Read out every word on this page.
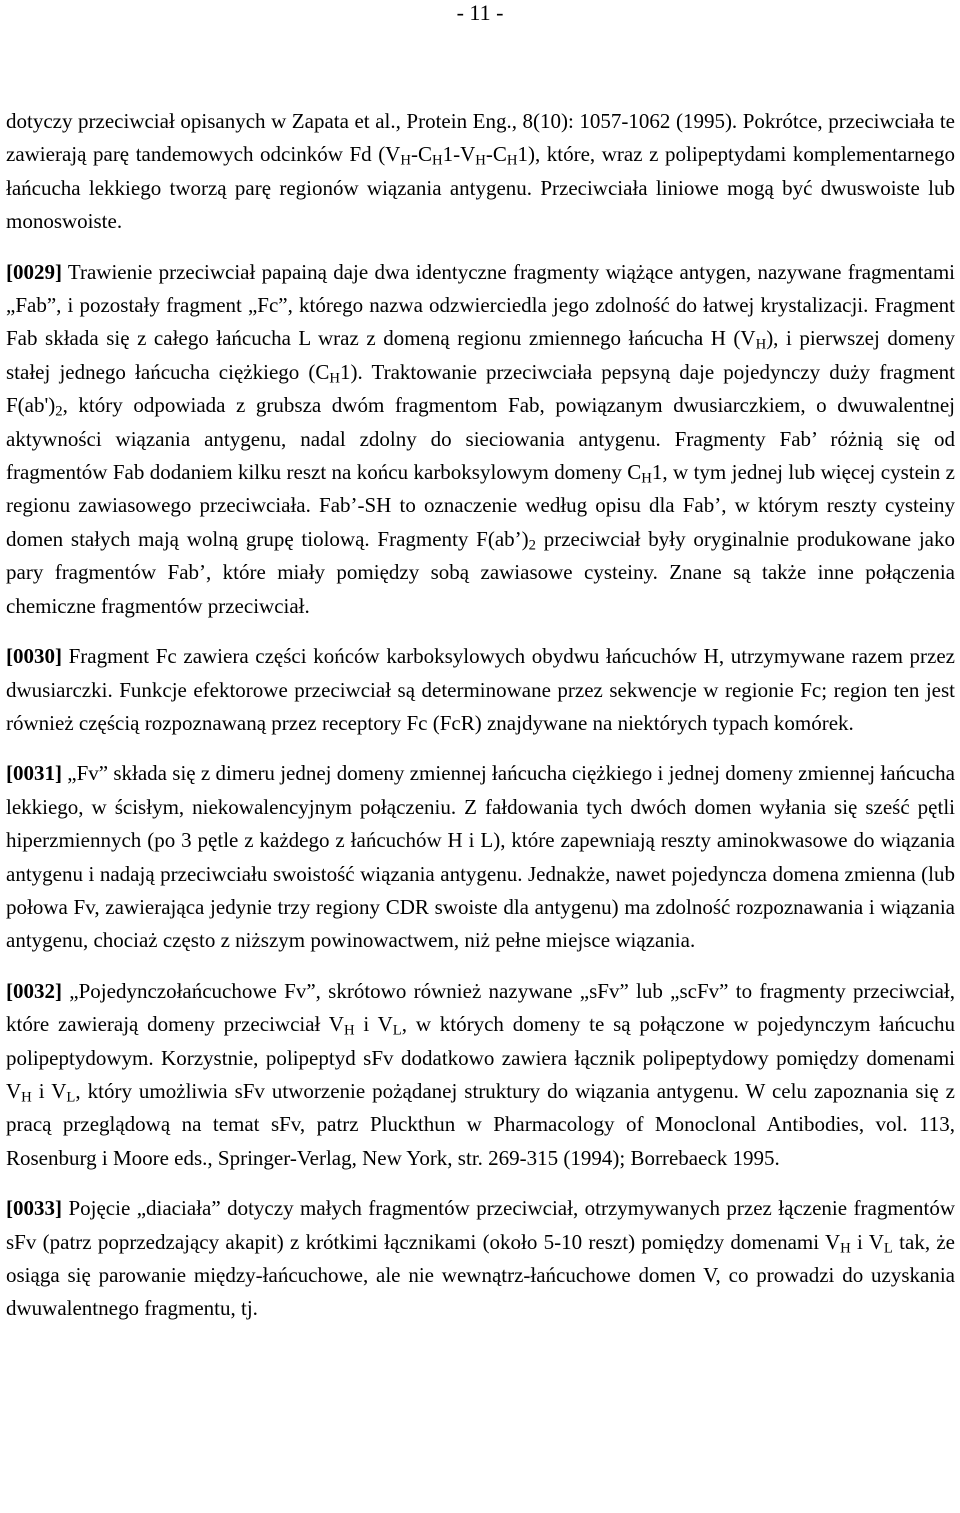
- 11 -

dotyczy przeciwciał opisanych w Zapata et al., Protein Eng., 8(10): 1057-1062 (1995). Pokrótce, przeciwciała te zawierają parę tandemowych odcinków Fd $(V_H-C_H1-V_H-C_H1)$, które, wraz z polipeptydami komplementarnego łańcucha lekkiego tworzą parę regionów wiązania antygenu. Przeciwciała liniowe mogą być dwuswoiste lub monoswoiste.

[0029] Trawienie przeciwciał papainą daje dwa identyczne fragmenty wiążące antygen, nazywane fragmentami „Fab”, i pozostały fragment „Fc”, którego nazwa odzwierciedla jego zdolność do łatwej krystalizacji. Fragment Fab składa się z całego łańcucha L wraz z domeną regionu zmiennego łańcucha H $(V_H)$, i pierwszej domeny stałej jednego łańcucha ciężkiego $(C_H1)$. Traktowanie przeciwciała pepsyną daje pojedynczy duży fragment $F(ab')_2$, który odpowiada z grubsza dwóm fragmentom Fab, powiązanym dwusiarczkiem, o dwuwalentnej aktywności wiązania antygenu, nadal zdolny do sieciowania antygenu. Fragmenty Fab’ różnią się od fragmentów Fab dodaniem kilku reszt na końcu karboksylowym domeny $C_H1$, w tym jednej lub więcej cystein z regionu zawiasowego przeciwciała. Fab’-SH to oznaczenie według opisu dla Fab’, w którym reszty cysteiny domen stałych mają wolną grupę tiolową. Fragmenty $F(ab’)_2$ przeciwciał były oryginalnie produkowane jako pary fragmentów Fab’, które miały pomiędzy sobą zawiasowe cysteiny. Znane są także inne połączenia chemiczne fragmentów przeciwciał.

[0030] Fragment Fc zawiera części końców karboksylowych obydwu łańcuchów H, utrzymywane razem przez dwusiarczki. Funkcje efektorowe przeciwciał są determinowane przez sekwencje w regionie Fc; region ten jest również częścią rozpoznawaną przez receptory Fc (FcR) znajdywane na niektórych typach komórek.

[0031] „Fv” składa się z dimeru jednej domeny zmiennej łańcucha ciężkiego i jednej domeny zmiennej łańcucha lekkiego, w ścisłym, niekowalencyjnym połączeniu. Z fałdowania tych dwóch domen wyłania się sześć pętli hiperzmiennych (po 3 pętle z każdego z łańcuchów H i L), które zapewniają reszty aminokwasowe do wiązania antygenu i nadają przeciwciału swoistość wiązania antygenu. Jednakże, nawet pojedyncza domena zmienna (lub połowa Fv, zawierająca jedynie trzy regiony CDR swoiste dla antygenu) ma zdolność rozpoznawania i wiązania antygenu, chociaż często z niższym powinowactwem, niż pełne miejsce wiązania.

[0032] „Pojedynczołańcuchowe Fv”, skrótowo również nazywane „sFv” lub „scFv” to fragmenty przeciwciał, które zawierają domeny przeciwciał $V_H$ i $V_L$, w których domeny te są połączone w pojedynczym łańcuchu polipeptydowym. Korzystnie, polipeptyd sFv dodatkowo zawiera łącznik polipeptydowy pomiędzy domenami $V_H$ i $V_L$, który umożliwia sFv utworzenie pożądanej struktury do wiązania antygenu. W celu zapoznania się z pracą przeglądową na temat sFv, patrz Pluckthun w Pharmacology of Monoclonal Antibodies, vol. 113, Rosenburg i Moore eds., Springer-Verlag, New York, str. 269-315 (1994); Borrebaeck 1995.

[0033] Pojęcie „diaciała” dotyczy małych fragmentów przeciwciał, otrzymywanych przez łączenie fragmentów sFv (patrz poprzedzający akapit) z krótkimi łącznikami (około 5-10 reszt) pomiędzy domenami $V_H$ i $V_L$ tak, że osiąga się parowanie między-łańcuchowe, ale nie wewnątrz-łańcuchowe domen V, co prowadzi do uzyskania dwuwalentnego fragmentu, tj.
